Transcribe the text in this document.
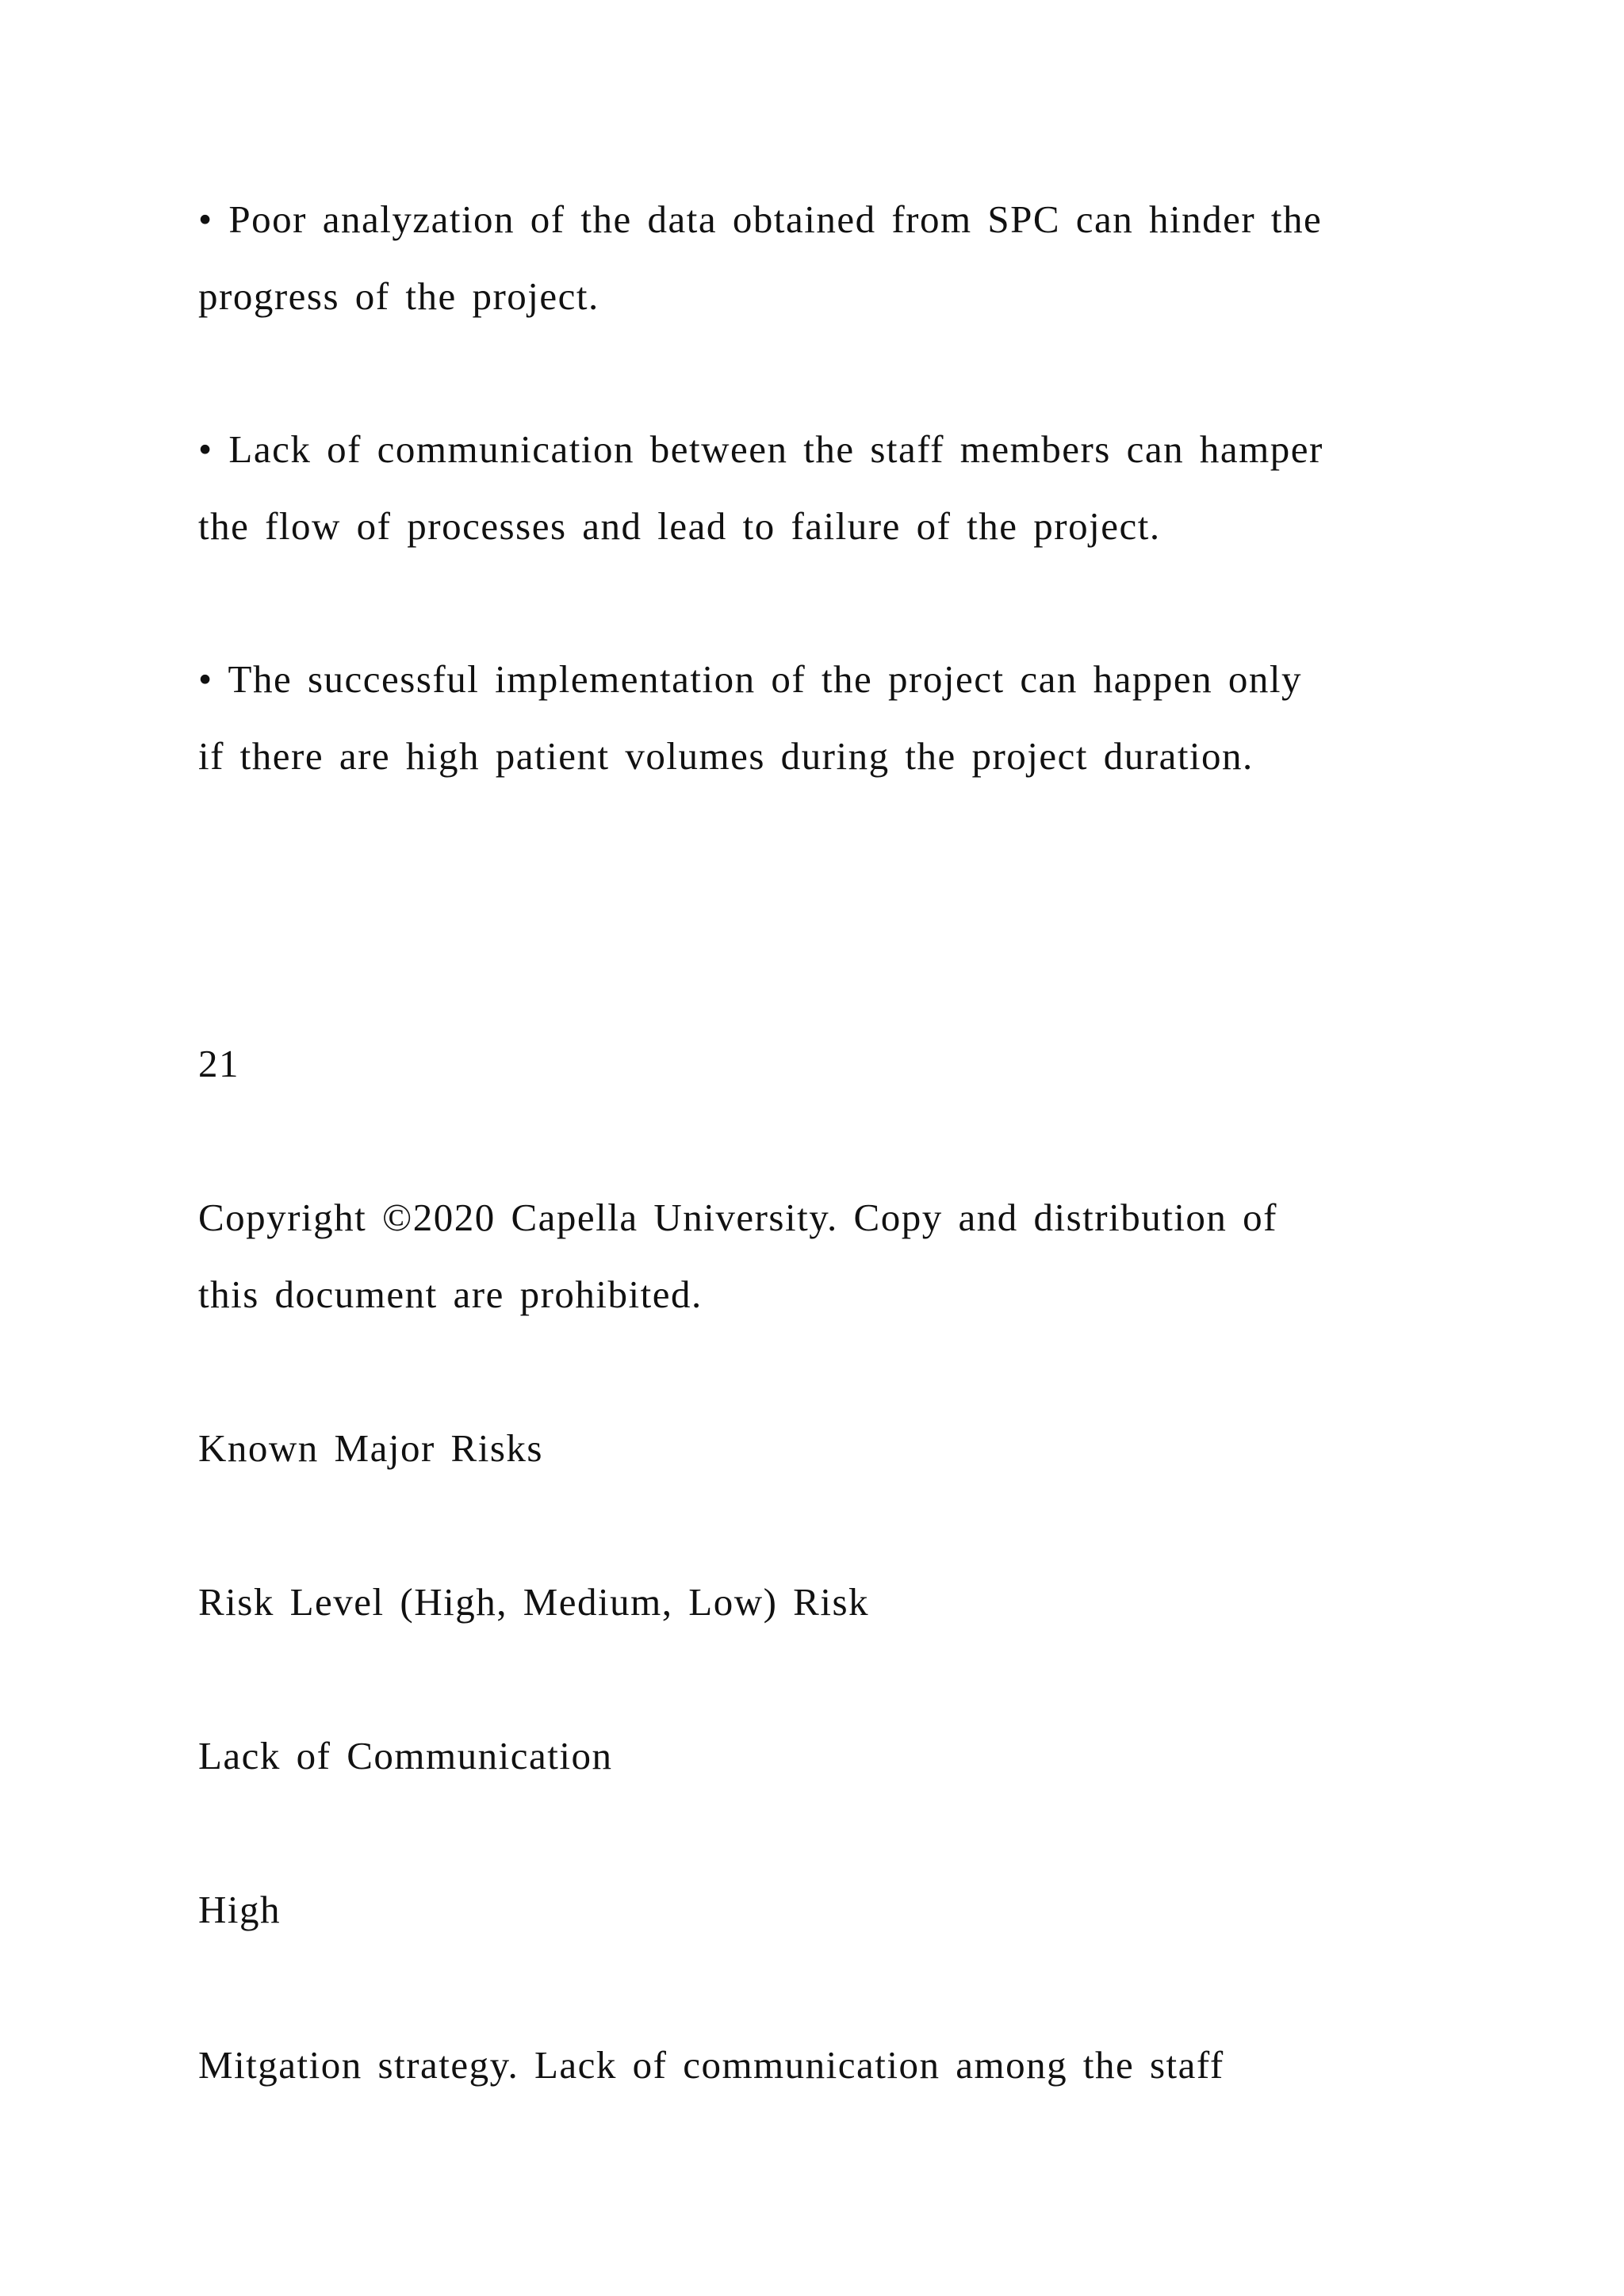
• Poor analyzation of the data obtained from SPC can hinder the

progress of the project.

• Lack of communication between the staff members can hamper

the flow of processes and lead to failure of the project.

• The successful implementation of the project can happen only

if there are high patient volumes during the project duration.

21

Copyright ©2020 Capella University. Copy and distribution of

this document are prohibited.

Known Major Risks

Risk Level (High, Medium, Low) Risk

Lack of Communication

High

Mitgation strategy. Lack of communication among the staff
